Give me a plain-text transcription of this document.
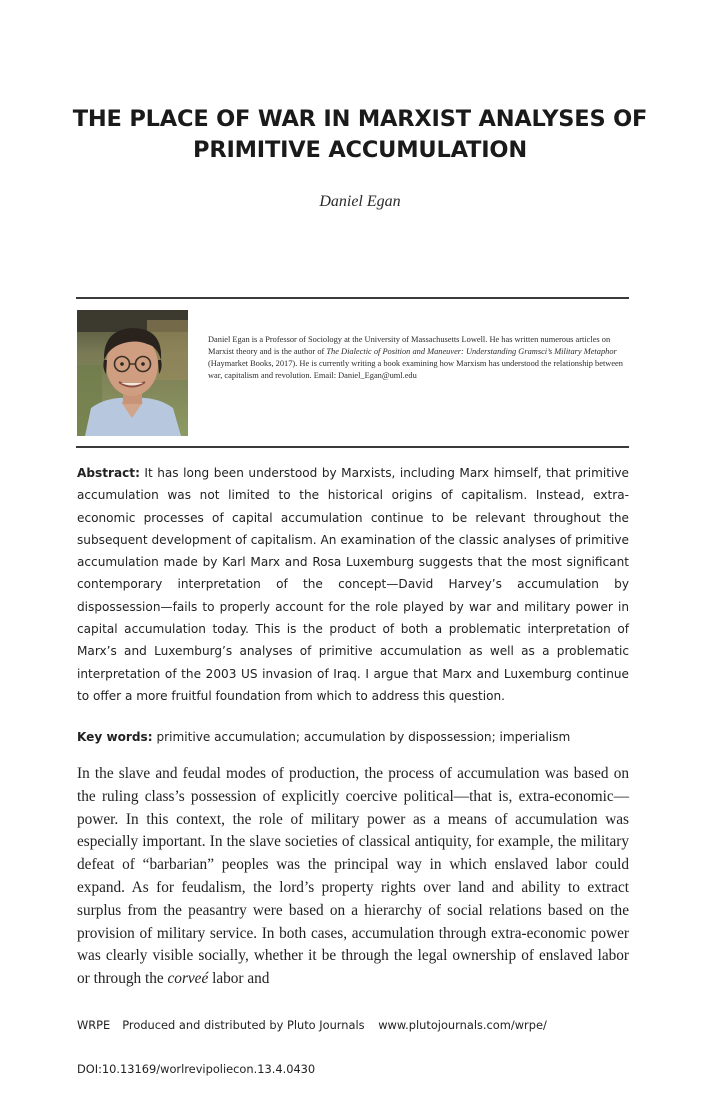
THE PLACE OF WAR IN MARXIST ANALYSES OF PRIMITIVE ACCUMULATION
Daniel Egan
Daniel Egan is a Professor of Sociology at the University of Massachusetts Lowell. He has written numerous articles on Marxist theory and is the author of The Dialectic of Position and Maneuver: Understanding Gramsci’s Military Metaphor (Haymarket Books, 2017). He is currently writing a book examining how Marxism has understood the relationship between war, capitalism and revolution. Email: Daniel_Egan@uml.edu
Abstract: It has long been understood by Marxists, including Marx himself, that primitive accumulation was not limited to the historical origins of capitalism. Instead, extra-economic processes of capital accumulation continue to be relevant throughout the subsequent development of capitalism. An examination of the classic analyses of primitive accumulation made by Karl Marx and Rosa Luxemburg suggests that the most significant contemporary interpretation of the concept—David Harvey’s accumulation by dispossession—fails to properly account for the role played by war and military power in capital accumulation today. This is the product of both a problematic interpretation of Marx’s and Luxemburg’s analyses of primitive accumulation as well as a problematic interpretation of the 2003 US invasion of Iraq. I argue that Marx and Luxemburg continue to offer a more fruitful foundation from which to address this question.
Key words: primitive accumulation; accumulation by dispossession; imperialism
In the slave and feudal modes of production, the process of accumulation was based on the ruling class’s possession of explicitly coercive political—that is, extra-economic—power. In this context, the role of military power as a means of accumulation was especially important. In the slave societies of classical antiquity, for example, the military defeat of “barbarian” peoples was the principal way in which enslaved labor could expand. As for feudalism, the lord’s property rights over land and ability to extract surplus from the peasantry were based on a hierarchy of social relations based on the provision of military service. In both cases, accumulation through extra-economic power was clearly visible socially, whether it be through the legal ownership of enslaved labor or through the corveé labor and
WRPE Produced and distributed by Pluto Journals www.plutojournals.com/wrpe/
DOI:10.13169/worlrevipoliecon.13.4.0430
